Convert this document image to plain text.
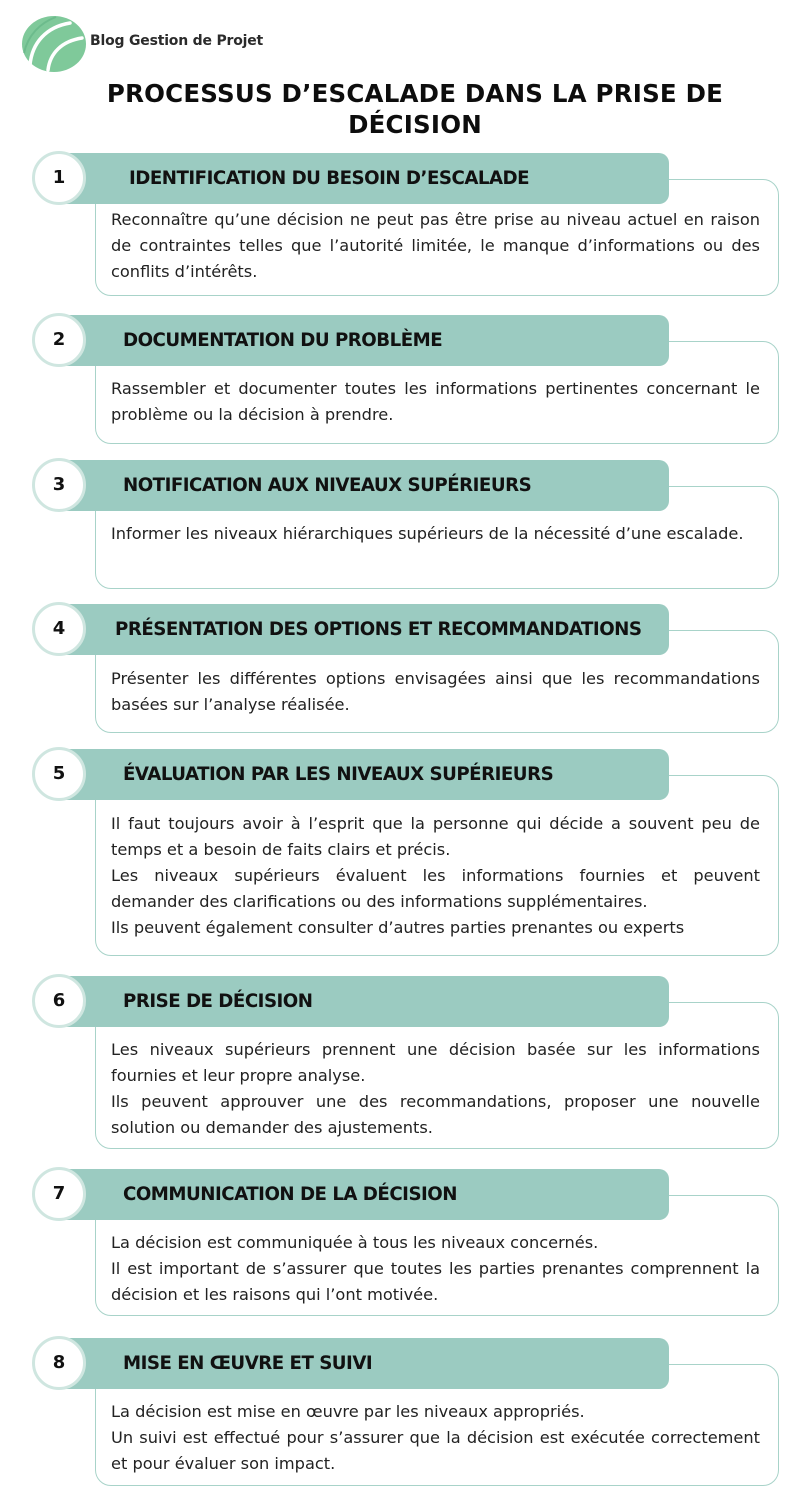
Blog Gestion de Projet
PROCESSUS D’ESCALADE DANS LA PRISE DE DÉCISION

Reconnaître qu’une décision ne peut pas être prise au niveau actuel en raison de contraintes telles que l’autorité limitée, le manque d’informations ou des conflits d’intérêts.

IDENTIFICATION DU BESOIN D’ESCALADE
1

Rassembler et documenter toutes les informations pertinentes concernant le problème ou la décision à prendre.

DOCUMENTATION DU PROBLÈME
2

Informer les niveaux hiérarchiques supérieurs de la nécessité d’une escalade.

NOTIFICATION AUX NIVEAUX SUPÉRIEURS
3

Présenter les différentes options envisagées ainsi que les recommandations basées sur l’analyse réalisée.

PRÉSENTATION DES OPTIONS ET RECOMMANDATIONS
4

Il faut toujours avoir à l’esprit que la personne qui décide a souvent peu de temps et a besoin de faits clairs et précis.

Les niveaux supérieurs évaluent les informations fournies et peuvent demander des clarifications ou des informations supplémentaires.

Ils peuvent également consulter d’autres parties prenantes ou experts

ÉVALUATION PAR LES NIVEAUX SUPÉRIEURS
5

Les niveaux supérieurs prennent une décision basée sur les informations fournies et leur propre analyse.

Ils peuvent approuver une des recommandations, proposer une nouvelle solution ou demander des ajustements.

PRISE DE DÉCISION
6

La décision est communiquée à tous les niveaux concernés.

Il est important de s’assurer que toutes les parties prenantes comprennent la décision et les raisons qui l’ont motivée.

COMMUNICATION DE LA DÉCISION
7

La décision est mise en œuvre par les niveaux appropriés.

Un suivi est effectué pour s’assurer que la décision est exécutée correctement et pour évaluer son impact.

MISE EN ŒUVRE ET SUIVI
8
